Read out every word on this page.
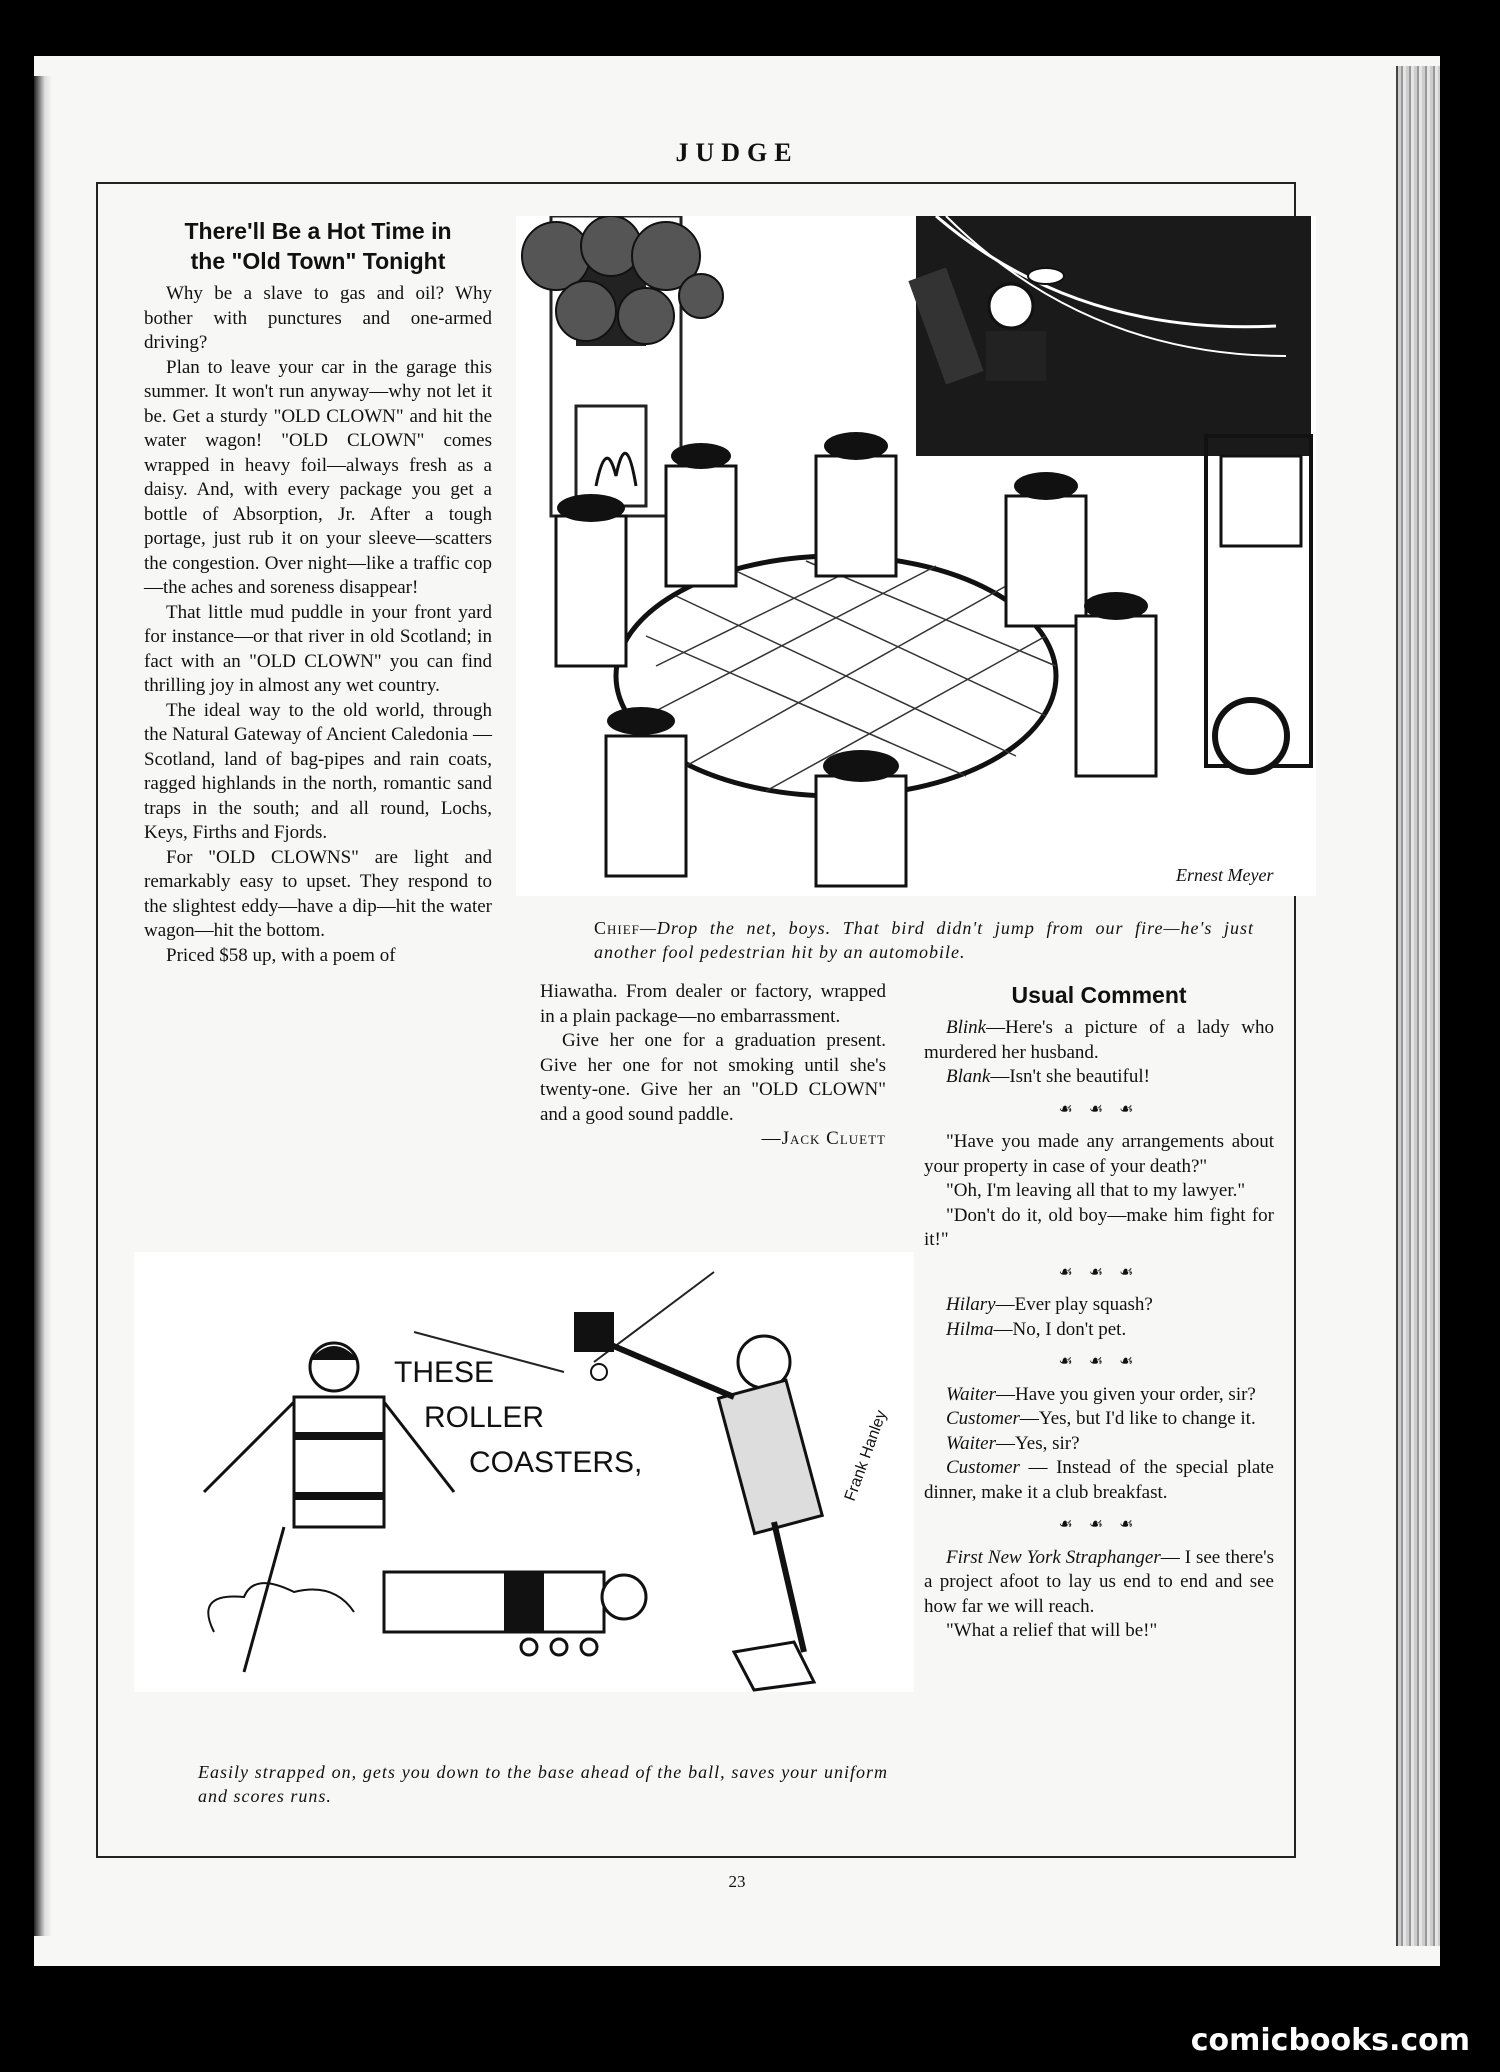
JUDGE
There'll Be a Hot Time in
the "Old Town" Tonight

Why be a slave to gas and oil? Why bother with punctures and one-armed driving?

Plan to leave your car in the garage this summer. It won't run anyway—why not let it be. Get a sturdy "OLD CLOWN" and hit the water wagon! "OLD CLOWN" comes wrapped in heavy foil—always fresh as a daisy. And, with every package you get a bottle of Absorption, Jr. After a tough portage, just rub it on your sleeve—scatters the congestion. Over night—like a traffic cop—the aches and soreness disappear!

That little mud puddle in your front yard for instance—or that river in old Scotland; in fact with an "OLD CLOWN" you can find thrilling joy in almost any wet country.

The ideal way to the old world, through the Natural Gateway of Ancient Caledonia — Scotland, land of bag-pipes and rain coats, ragged highlands in the north, romantic sand traps in the south; and all round, Lochs, Keys, Firths and Fjords.

For "OLD CLOWNS" are light and remarkably easy to upset. They respond to the slightest eddy—have a dip—hit the water wagon—hit the bottom.

Priced $58 up, with a poem of

Hiawatha. From dealer or factory, wrapped in a plain package—no embarrassment.

Give her one for a graduation present. Give her one for not smoking until she's twenty-one. Give her an "OLD CLOWN" and a good sound paddle.

—Jack Cluett
Ernest Meyer
Chief—Drop the net, boys. That bird didn't jump from our fire—he's just another fool pedestrian hit by an automobile.
Usual Comment

Blink—Here's a picture of a lady who murdered her husband.

Blank—Isn't she beautiful!

☙ ☙ ☙

"Have you made any arrangements about your property in case of your death?"

"Oh, I'm leaving all that to my lawyer."

"Don't do it, old boy—make him fight for it!"

☙ ☙ ☙

Hilary—Ever play squash?

Hilma—No, I don't pet.

☙ ☙ ☙

Waiter—Have you given your order, sir?

Customer—Yes, but I'd like to change it.

Waiter—Yes, sir?

Customer — Instead of the special plate dinner, make it a club breakfast.

☙ ☙ ☙

First New York Straphanger— I see there's a project afoot to lay us end to end and see how far we will reach.

"What a relief that will be!"

THESE
ROLLER
COASTERS,	Frank Hanley
Easily strapped on, gets you down to the base ahead of the ball, saves your uniform and scores runs.
23
comicbooks.com
